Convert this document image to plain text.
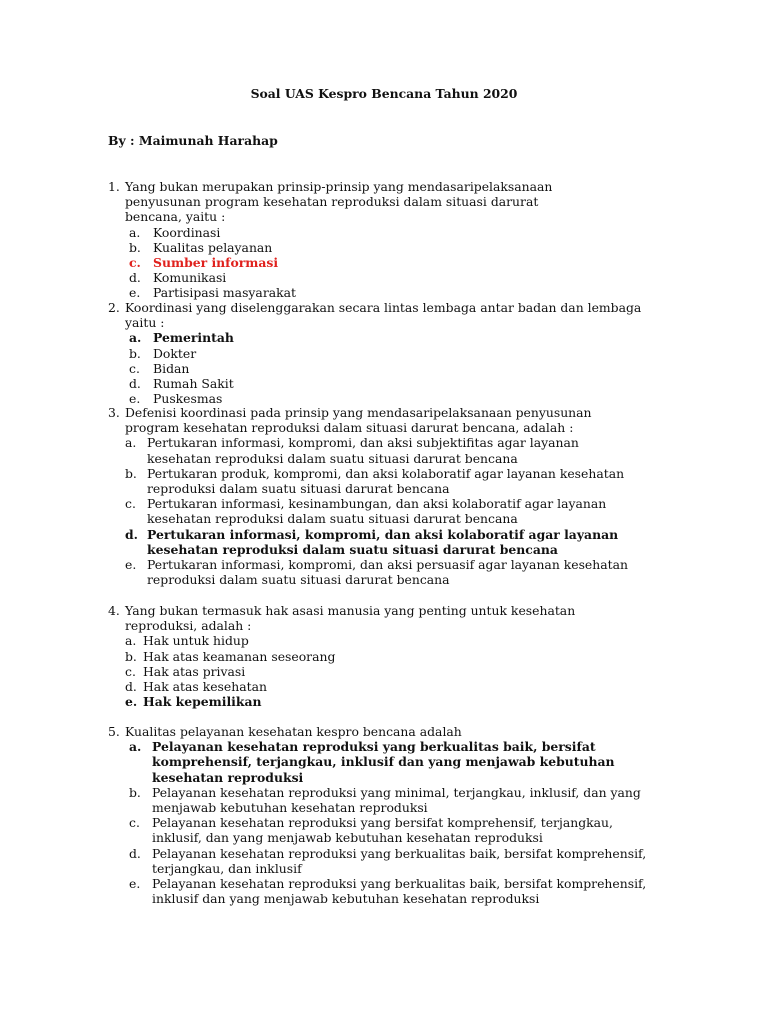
Soal UAS Kespro Bencana Tahun 2020
By : Maimunah Harahap
1. Yang bukan merupakan prinsip-prinsip yang mendasaripelaksanaan penyusunan program kesehatan reproduksi dalam situasi darurat bencana, yaitu :
a.	Koordinasi
b. Kualitas pelayanan
c. Sumber informasi
d. Komunikasi
e.	Partisipasi masyarakat
2. Koordinasi yang diselenggarakan secara lintas lembaga antar badan dan lembaga yaitu :
a. Pemerintah
b. Dokter
c.	Bidan
d. Rumah Sakit
e.	Puskesmas
3. Defenisi koordinasi pada prinsip yang mendasaripelaksanaan penyusunan program kesehatan reproduksi dalam situasi darurat bencana, adalah :
a. Pertukaran informasi, kompromi, dan aksi subjektifitas agar layanan kesehatan reproduksi dalam suatu situasi darurat bencana
b. Pertukaran produk, kompromi, dan aksi kolaboratif agar layanan kesehatan reproduksi dalam suatu situasi darurat bencana
c. Pertukaran informasi, kesinambungan, dan aksi kolaboratif agar layanan kesehatan reproduksi dalam suatu situasi darurat bencana
d. Pertukaran informasi, kompromi, dan aksi kolaboratif agar layanan kesehatan reproduksi dalam suatu situasi darurat bencana
e. Pertukaran informasi, kompromi, dan aksi persuasif agar layanan kesehatan reproduksi dalam suatu situasi darurat bencana
4. Yang bukan termasuk hak asasi manusia yang penting untuk kesehatan reproduksi, adalah :
a. Hak untuk hidup
b. Hak atas keamanan seseorang
c. Hak atas privasi
d. Hak atas kesehatan
e. Hak kepemilikan
5. Kualitas pelayanan kesehatan kespro bencana adalah
a. Pelayanan kesehatan reproduksi yang berkualitas baik, bersifat komprehensif, terjangkau, inklusif dan yang menjawab kebutuhan kesehatan reproduksi
b. Pelayanan kesehatan reproduksi yang minimal, terjangkau, inklusif, dan yang menjawab kebutuhan kesehatan reproduksi
c. Pelayanan kesehatan reproduksi yang bersifat komprehensif, terjangkau, inklusif, dan yang menjawab kebutuhan kesehatan reproduksi
d. Pelayanan kesehatan reproduksi yang berkualitas baik, bersifat komprehensif, terjangkau, dan inklusif
e. Pelayanan kesehatan reproduksi yang berkualitas baik, bersifat komprehensif, inklusif dan yang menjawab kebutuhan kesehatan reproduksi
